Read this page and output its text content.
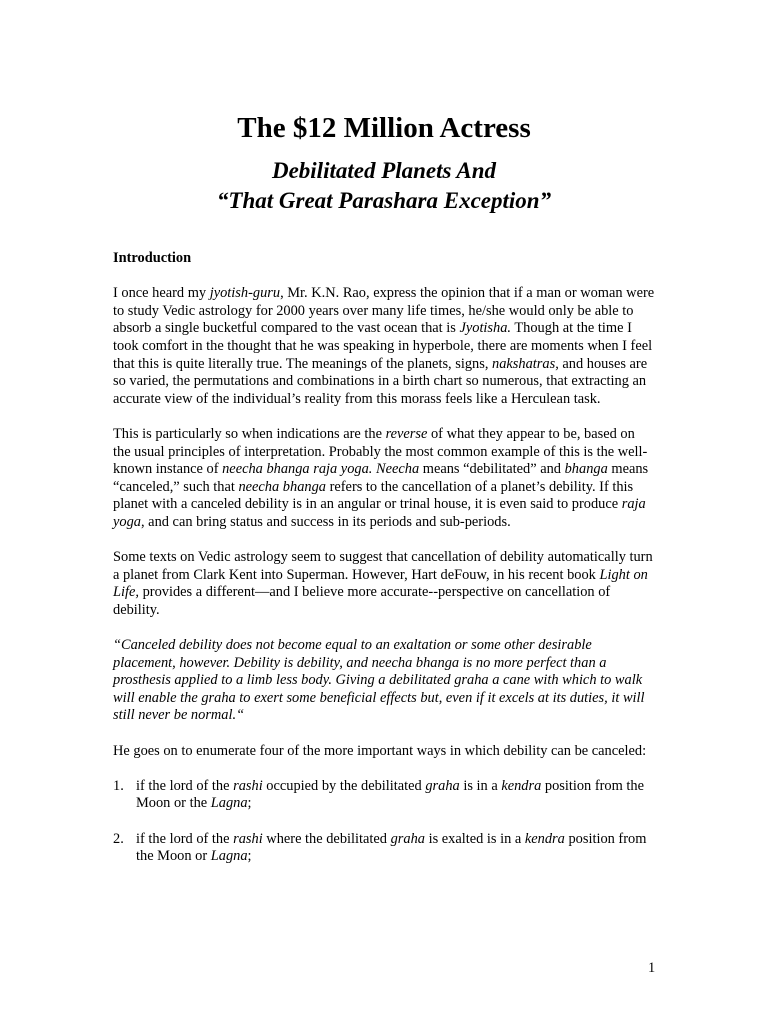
The $12 Million Actress
Debilitated Planets And
“That Great Parashara Exception”

Introduction

I once heard my jyotish-guru, Mr. K.N. Rao, express the opinion that if a man or woman were to study Vedic astrology for 2000 years over many life times, he/she would only be able to absorb a single bucketful compared to the vast ocean that is Jyotisha. Though at the time I took comfort in the thought that he was speaking in hyperbole, there are moments when I feel that this is quite literally true. The meanings of the planets, signs, nakshatras, and houses are so varied, the permutations and combinations in a birth chart so numerous, that extracting an accurate view of the individual’s reality from this morass feels like a Herculean task.

This is particularly so when indications are the reverse of what they appear to be, based on the usual principles of interpretation. Probably the most common example of this is the well-known instance of neecha bhanga raja yoga. Neecha means “debilitated” and bhanga means “canceled,” such that neecha bhanga refers to the cancellation of a planet’s debility. If this planet with a canceled debility is in an angular or trinal house, it is even said to produce raja yoga, and can bring status and success in its periods and sub-periods.

Some texts on Vedic astrology seem to suggest that cancellation of debility automatically turn a planet from Clark Kent into Superman. However, Hart deFouw, in his recent book Light on Life, provides a different—and I believe more accurate--perspective on cancellation of debility.

“Canceled debility does not become equal to an exaltation or some other desirable placement, however. Debility is debility, and neecha bhanga is no more perfect than a prosthesis applied to a limb less body. Giving a debilitated graha a cane with which to walk will enable the graha to exert some beneficial effects but, even if it excels at its duties, it will still never be normal.“

He goes on to enumerate four of the more important ways in which debility can be canceled:

1. if the lord of the rashi occupied by the debilitated graha is in a kendra position from the Moon or the Lagna;
2. if the lord of the rashi where the debilitated graha is exalted is in a kendra position from the Moon or Lagna;
1
